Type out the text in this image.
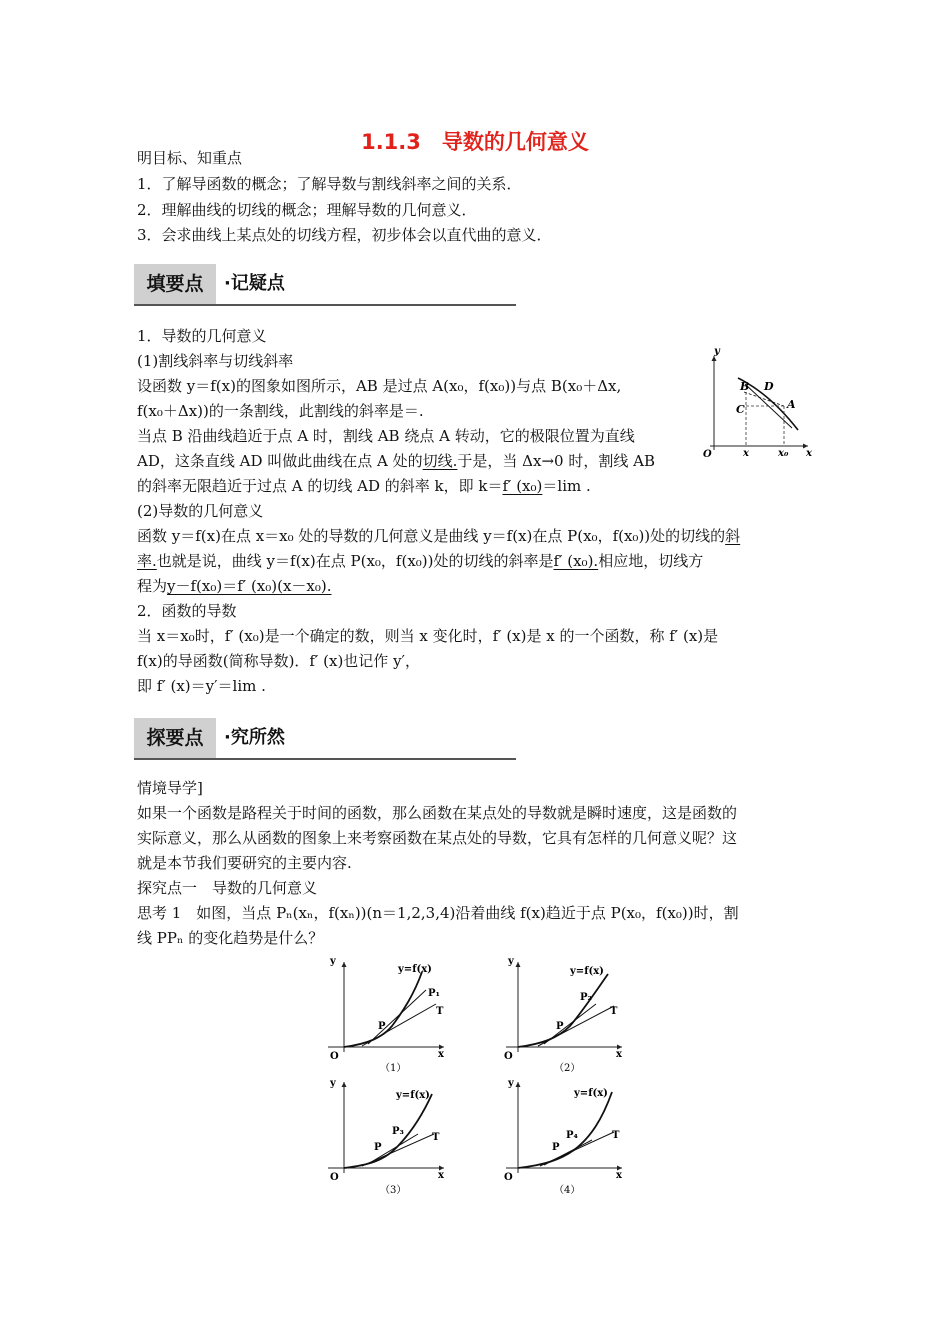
1.1.3　导数的几何意义
明目标、知重点
1．了解导函数的概念；了解导数与割线斜率之间的关系．
2．理解曲线的切线的概念；理解导数的几何意义．
3．会求曲线上某点处的切线方程，初步体会以直代曲的意义．
填要点	·记疑点
1．导数的几何意义
(1)割线斜率与切线斜率
设函数 y＝f(x)的图象如图所示，AB 是过点 A(x₀，f(x₀))与点 B(x₀＋Δx,
f(x₀＋Δx))的一条割线，此割线的斜率是＝.
当点 B 沿曲线趋近于点 A 时，割线 AB 绕点 A 转动，它的极限位置为直线
AD，这条直线 AD 叫做此曲线在点 A 处的切线.于是，当 Δx→0 时，割线 AB
的斜率无限趋近于过点 A 的切线 AD 的斜率 k，即 k＝f′ (x₀)＝lim .
y
x
O
B D
C	A
x	x₀
(2)导数的几何意义
函数 y＝f(x)在点 x＝x₀ 处的导数的几何意义是曲线 y＝f(x)在点 P(x₀，f(x₀))处的切线的斜
率.也就是说，曲线 y＝f(x)在点 P(x₀，f(x₀))处的切线的斜率是f′ (x₀).相应地，切线方
程为y－f(x₀)＝f′ (x₀)(x－x₀).
2．函数的导数
当 x＝x₀时，f′ (x₀)是一个确定的数，则当 x 变化时，f′ (x)是 x 的一个函数，称 f′ (x)是
f(x)的导函数(简称导数)．f′ (x)也记作 y′，
即 f′ (x)＝y′＝lim .
探要点	·究所然
情境导学]
如果一个函数是路程关于时间的函数，那么函数在某点处的导数就是瞬时速度，这是函数的
实际意义，那么从函数的图象上来考察函数在某点处的导数，它具有怎样的几何意义呢？这
就是本节我们要研究的主要内容.
探究点一　导数的几何意义
思考 1　如图，当点 Pₙ(xₙ，f(xₙ))(n＝1,2,3,4)沿着曲线 f(x)趋近于点 P(x₀，f(x₀))时，割
线 PPₙ 的变化趋势是什么？
y
x
O
y=f(x)
P₁
P
T
（1）
y
x
O
y=f(x)
P₂
P
T
（2）
y
x
O
y=f(x)
P₃
P
T
（3）
y
x
O
y=f(x)
P₄
P
T
（4）
